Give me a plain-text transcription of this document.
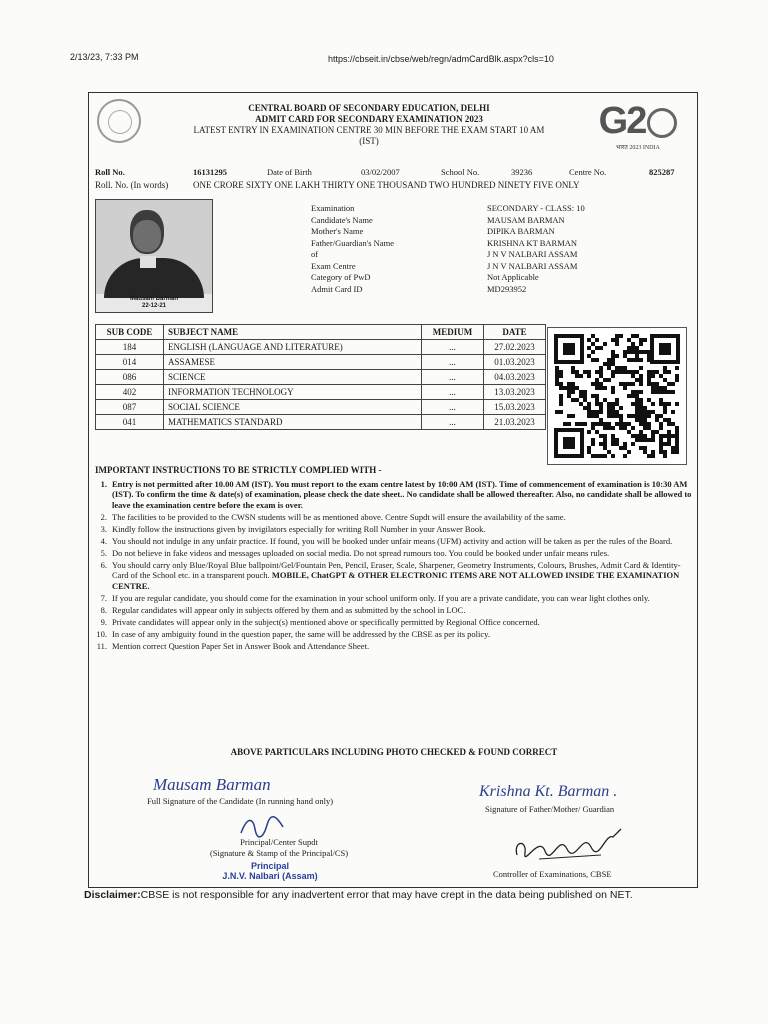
2/13/23, 7:33 PM	https://cbseit.in/cbse/web/regn/admCardBlk.aspx?cls=10
CENTRAL BOARD OF SECONDARY EDUCATION, DELHI
ADMIT CARD FOR SECONDARY EXAMINATION 2023
LATEST ENTRY IN EXAMINATION CENTRE 30 MIN BEFORE THE EXAM START 10 AM
(IST)	G2
भारत 2023 INDIA
Roll No.	16131295	Date of Birth	03/02/2007	School No.	39236	Centre No.	825287
Roll. No. (In words)	ONE CRORE SIXTY ONE LAKH THIRTY ONE THOUSAND TWO HUNDRED NINETY FIVE ONLY
Mausam Barman
22-12-21
Examination	SECONDARY - CLASS: 10
Candidate's Name	MAUSAM BARMAN
Mother's Name	DIPIKA BARMAN
Father/Guardian's Name	KRISHNA KT BARMAN
of	J N V NALBARI ASSAM
Exam Centre	J N V NALBARI ASSAM
Category of PwD	Not Applicable
Admit Card ID	MD293952
SUB CODE	SUBJECT NAME	MEDIUM	DATE
184	ENGLISH (LANGUAGE AND LITERATURE)	...	27.02.2023
014	ASSAMESE	...	01.03.2023
086	SCIENCE	...	04.03.2023
402	INFORMATION TECHNOLOGY	...	13.03.2023
087	SOCIAL SCIENCE	...	15.03.2023
041	MATHEMATICS STANDARD	...	21.03.2023
IMPORTANT INSTRUCTIONS TO BE STRICTLY COMPLIED WITH -
1. Entry is not permitted after 10.00 AM (IST). You must report to the exam centre latest by 10:00 AM (IST). Time of commencement of examination is 10:30 AM (IST). To confirm the time & date(s) of examination, please check the date sheet.. No candidate shall be allowed thereafter. Also, no candidate shall be allowed to leave the examination centre before the exam is over.
2. The facilities to be provided to the CWSN students will be as mentioned above. Centre Supdt will ensure the availability of the same.
3. Kindly follow the instructions given by invigilators especially for writing Roll Number in your Answer Book.
4. You should not indulge in any unfair practice. If found, you will be booked under unfair means (UFM) activity and action will be taken as per the rules of the Board.
5. Do not believe in fake videos and messages uploaded on social media. Do not spread rumours too. You could be booked under unfair means rules.
6. You should carry only Blue/Royal Blue ballpoint/Gel/Fountain Pen, Pencil, Eraser, Scale, Sharpener, Geometry Instruments, Colours, Brushes, Admit Card & Identity-Card of the School etc. in a transparent pouch. MOBILE, ChatGPT & OTHER ELECTRONIC ITEMS ARE NOT ALLOWED INSIDE THE EXAMINATION CENTRE.
7. If you are regular candidate, you should come for the examination in your school uniform only. If you are a private candidate, you can wear light clothes only.
8. Regular candidates will appear only in subjects offered by them and as submitted by the school in LOC.
9. Private candidates will appear only in the subject(s) mentioned above or specifically permitted by Regional Office concerned.
10. In case of any ambiguity found in the question paper, the same will be addressed by the CBSE as per its policy.
11. Mention correct Question Paper Set in Answer Book and Attendance Sheet.
ABOVE PARTICULARS INCLUDING PHOTO CHECKED & FOUND CORRECT
Mausam Barman
Full Signature of the Candidate (In running hand only)
Krishna Kt. Barman .
Signature of Father/Mother/ Guardian
Principal/Center Supdt
(Signature & Stamp of the Principal/CS)
Principal
J.N.V. Nalbari (Assam)	Controller of Examinations, CBSE
Disclaimer:CBSE is not responsible for any inadvertent error that may have crept in the data being published on NET.
